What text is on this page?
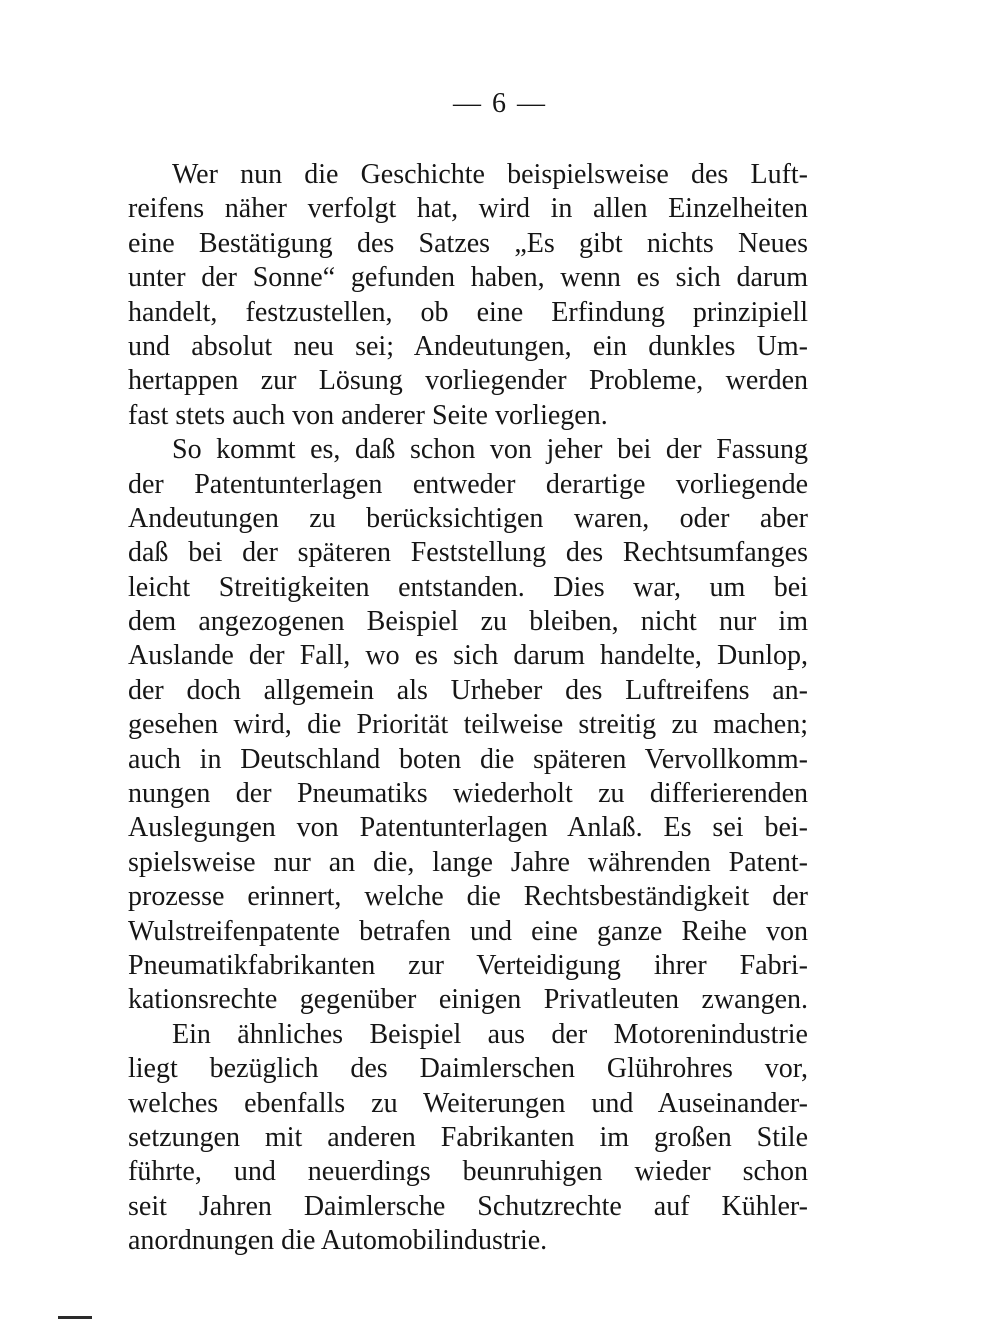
— 6 —
Wer nun die Geschichte beispielsweise des Luft-
reifens näher verfolgt hat, wird in allen Einzelheiten
eine Bestätigung des Satzes „Es gibt nichts Neues
unter der Sonne“ gefunden haben, wenn es sich darum
handelt, festzustellen, ob eine Erfindung prinzipiell
und absolut neu sei; Andeutungen, ein dunkles Um-
hertappen zur Lösung vorliegender Probleme, werden
fast stets auch von anderer Seite vorliegen.
So kommt es, daß schon von jeher bei der Fassung
der Patentunterlagen entweder derartige vorliegende
Andeutungen zu berücksichtigen waren, oder aber
daß bei der späteren Feststellung des Rechtsumfanges
leicht Streitigkeiten entstanden. Dies war, um bei
dem angezogenen Beispiel zu bleiben, nicht nur im
Auslande der Fall, wo es sich darum handelte, Dunlop,
der doch allgemein als Urheber des Luftreifens an-
gesehen wird, die Priorität teilweise streitig zu machen;
auch in Deutschland boten die späteren Vervollkomm-
nungen der Pneumatiks wiederholt zu differierenden
Auslegungen von Patentunterlagen Anlaß. Es sei bei-
spielsweise nur an die, lange Jahre währenden Patent-
prozesse erinnert, welche die Rechtsbeständigkeit der
Wulstreifenpatente betrafen und eine ganze Reihe von
Pneumatikfabrikanten zur Verteidigung ihrer Fabri-
kationsrechte gegenüber einigen Privatleuten zwangen.
Ein ähnliches Beispiel aus der Motorenindustrie
liegt bezüglich des Daimlerschen Glührohres vor,
welches ebenfalls zu Weiterungen und Auseinander-
setzungen mit anderen Fabrikanten im großen Stile
führte, und neuerdings beunruhigen wieder schon
seit Jahren Daimlersche Schutzrechte auf Kühler-
anordnungen die Automobilindustrie.
